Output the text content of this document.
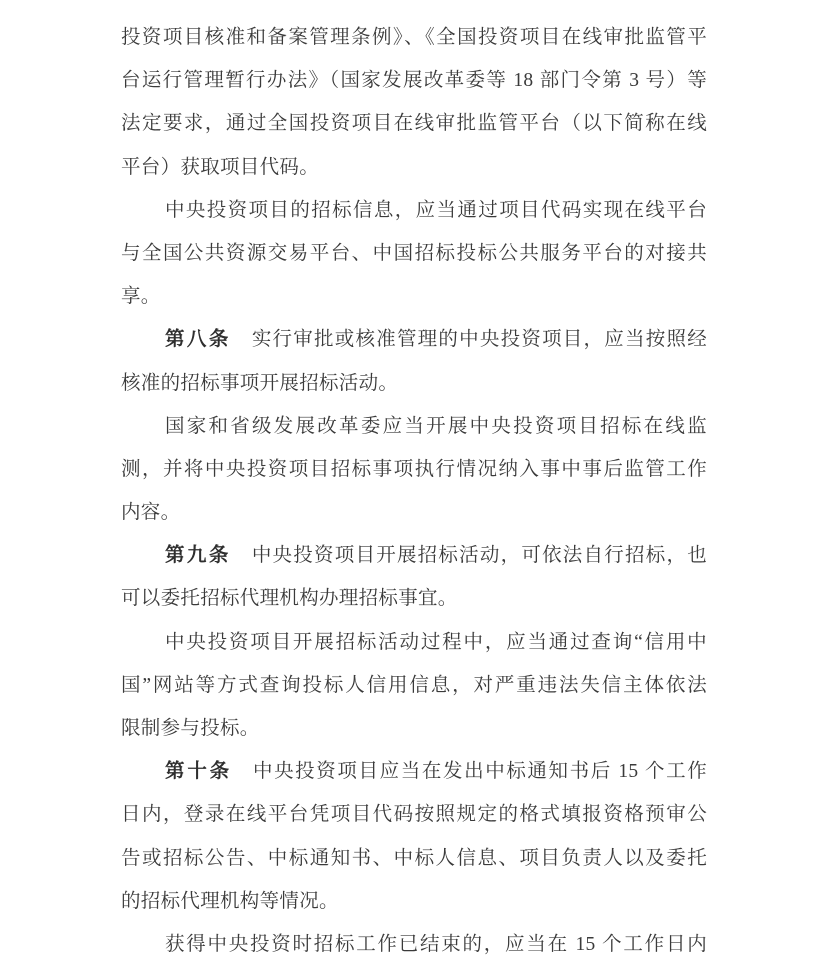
投资项目核准和备案管理条例》、《全国投资项目在线审批监管平
台运行管理暂行办法》（国家发展改革委等 18 部门令第 3 号）等
法定要求，通过全国投资项目在线审批监管平台（以下简称在线
平台）获取项目代码。
中央投资项目的招标信息，应当通过项目代码实现在线平台
与全国公共资源交易平台、中国招标投标公共服务平台的对接共
享。
第八条 实行审批或核准管理的中央投资项目，应当按照经
核准的招标事项开展招标活动。
国家和省级发展改革委应当开展中央投资项目招标在线监
测，并将中央投资项目招标事项执行情况纳入事中事后监管工作
内容。
第九条 中央投资项目开展招标活动，可依法自行招标，也
可以委托招标代理机构办理招标事宜。
中央投资项目开展招标活动过程中，应当通过查询“信用中
国”网站等方式查询投标人信用信息，对严重违法失信主体依法
限制参与投标。
第十条 中央投资项目应当在发出中标通知书后 15 个工作
日内，登录在线平台凭项目代码按照规定的格式填报资格预审公
告或招标公告、中标通知书、中标人信息、项目负责人以及委托
的招标代理机构等情况。
获得中央投资时招标工作已结束的，应当在 15 个工作日内
